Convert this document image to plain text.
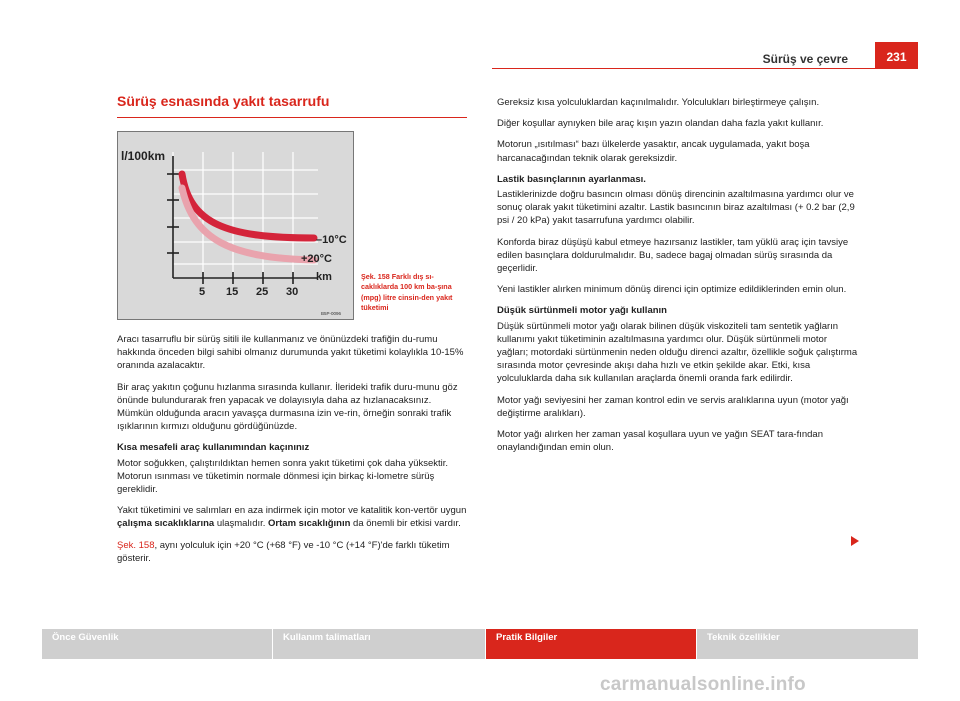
Sürüş ve çevre	231
Sürüş esnasında yakıt tasarrufu
l/100km
–10°C
+20°C
km
5 15 25 30
B5P-0096
Şek. 158 Farklı dış sı-caklıklarda 100 km ba-şına (mpg) litre cinsin-den yakıt tüketimi

Aracı tasarruflu bir sürüş sitili ile kullanmanız ve önünüzdeki trafiğin du-rumu hakkında önceden bilgi sahibi olmanız durumunda yakıt tüketimi kolaylıkla 10-15% oranında azalacaktır.

Bir araç yakıtın çoğunu hızlanma sırasında kullanır. İlerideki trafik duru-munu göz önünde bulundurarak fren yapacak ve dolayısıyla daha az hızlanacaksınız. Mümkün olduğunda aracın yavaşça durmasına izin ve-rin, örneğin sonraki trafik ışıklarının kırmızı olduğunu gördüğünüzde.

Kısa mesafeli araç kullanımından kaçınınız

Motor soğukken, çalıştırıldıktan hemen sonra yakıt tüketimi çok daha yüksektir. Motorun ısınması ve tüketimin normale dönmesi için birkaç ki-lometre sürüş gereklidir.

Yakıt tüketimini ve salımları en aza indirmek için motor ve katalitik kon-vertör uygun çalışma sıcaklıklarına ulaşmalıdır. Ortam sıcaklığının da önemli bir etkisi vardır.

Şek. 158, aynı yolculuk için +20 °C (+68 °F) ve -10 °C (+14 °F)'de farklı tüketim gösterir.

Gereksiz kısa yolculuklardan kaçınılmalıdır. Yolculukları birleştirmeye çalışın.

Diğer koşullar aynıyken bile araç kışın yazın olandan daha fazla yakıt kullanır.

Motorun „ısıtılması“ bazı ülkelerde yasaktır, ancak uygulamada, yakıt boşa harcanacağından teknik olarak gereksizdir.

Lastik basınçlarının ayarlanması.

Lastiklerinizde doğru basıncın olması dönüş direncinin azaltılmasına yardımcı olur ve sonuç olarak yakıt tüketimini azaltır. Lastik basıncının biraz azaltılması (+ 0.2 bar (2,9 psi / 20 kPa) yakıt tasarrufuna yardımcı olabilir.

Konforda biraz düşüşü kabul etmeye hazırsanız lastikler, tam yüklü araç için tavsiye edilen basınçlara doldurulmalıdır. Bu, sadece bagaj olmadan sürüş sırasında da geçerlidir.

Yeni lastikler alırken minimum dönüş direnci için optimize edildiklerinden emin olun.

Düşük sürtünmeli motor yağı kullanın

Düşük sürtünmeli motor yağı olarak bilinen düşük viskoziteli tam sentetik yağların kullanımı yakıt tüketiminin azaltılmasına yardımcı olur. Düşük sürtünmeli motor yağları; motordaki sürtünmenin neden olduğu direnci azaltır, özellikle soğuk çalıştırma sırasında motor çevresinde akışı daha hızlı ve etkin şekilde akar. Etki, kısa yolculuklarda daha sık kullanılan araçlarda önemli oranda fark edilirdir.

Motor yağı seviyesini her zaman kontrol edin ve servis aralıklarına uyun (motor yağı değiştirme aralıkları).

Motor yağı alırken her zaman yasal koşullara uyun ve yağın SEAT tara-fından onaylandığından emin olun.

Önce Güvenlik	Kullanım talimatları	Pratik Bilgiler	Teknik özellikler
carmanualsonline.info
